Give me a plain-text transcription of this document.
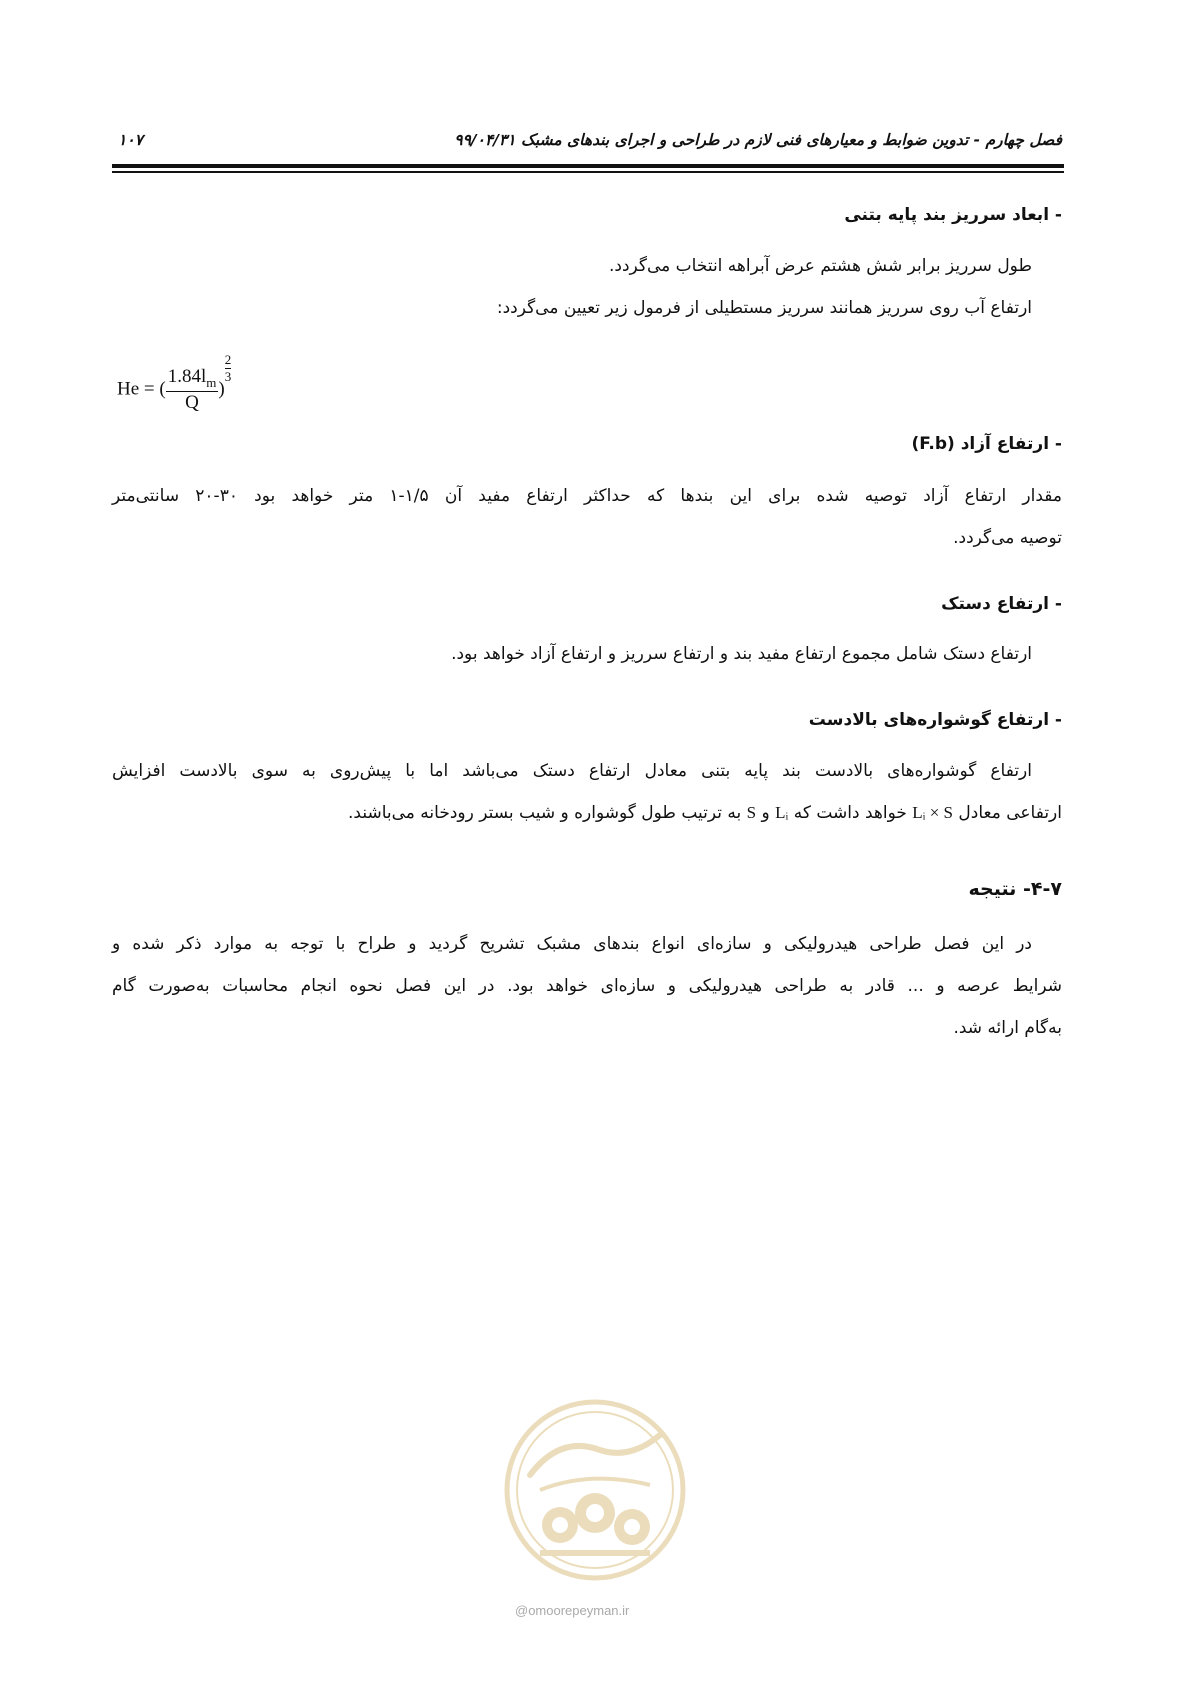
فصل چهارم - تدوین ضوابط و معیارهای فنی لازم در طراحی و اجرای بندهای مشبک ۹۹/۰۴/۳۱
۱۰۷
- ابعاد سرریز بند پایه بتنی
طول سرریز برابر شش هشتم عرض آبراهه انتخاب می‌گردد.
ارتفاع آب روی سرریز همانند سرریز مستطیلی از فرمول زیر تعیین می‌گردد:
He = ( $\frac{1.84l_m}{Q}$ )
$\frac{2}{3}$
- ارتفاع آزاد (F.b)
مقدار ارتفاع آزاد توصیه شده برای این بندها که حداکثر ارتفاع مفید آن ۱/۵-۱ متر خواهد بود ۳۰-۲۰ سانتی‌متر
توصیه می‌گردد.
- ارتفاع دستک
ارتفاع دستک شامل مجموع ارتفاع مفید بند و ارتفاع سرریز و ارتفاع آزاد خواهد بود.
- ارتفاع گوشواره‌های بالادست
ارتفاع گوشواره‌های بالادست بند پایه بتنی معادل ارتفاع دستک می‌باشد اما با پیش‌روی به سوی بالادست افزایش
ارتفاعی معادل Lᵢ × S خواهد داشت که Lᵢ و S به ترتیب طول گوشواره و شیب بستر رودخانه می‌باشند.
۴-۷- نتیجه
در این فصل طراحی هیدرولیکی و سازه‌ای انواع بندهای مشبک تشریح گردید و طراح با توجه به موارد ذکر شده و
شرایط عرصه و ... قادر به طراحی هیدرولیکی و سازه‌ای خواهد بود. در این فصل نحوه انجام محاسبات به‌صورت گام
به‌گام ارائه شد.
@omoorepeyman.ir
